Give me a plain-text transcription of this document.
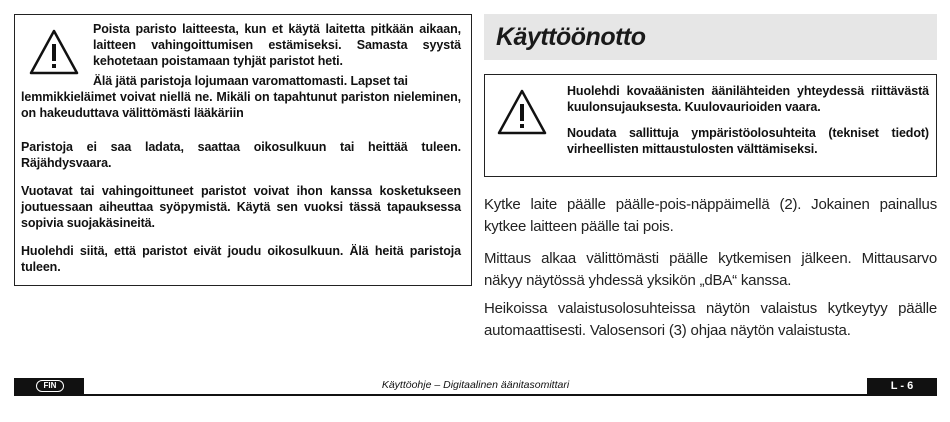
Poista paristo laitteesta, kun et käytä laitetta pitkään aikaan, laitteen vahingoittumisen estämiseksi. Samasta syystä kehotetaan poistamaan tyhjät paristot heti.

Älä jätä paristoja lojumaan varomattomasti. Lapset tai

lemmikkieläimet voivat niellä ne. Mikäli on tapahtunut pariston nieleminen, on hakeuduttava välittömästi lääkäriin

Paristoja ei saa ladata, saattaa oikosulkuun tai heittää tuleen. Räjähdysvaara.

Vuotavat tai vahingoittuneet paristot voivat ihon kanssa kosketukseen joutuessaan aiheuttaa syöpymistä. Käytä sen vuoksi tässä tapauksessa sopivia suojakäsineitä.

Huolehdi siitä, että paristot eivät joudu oikosulkuun. Älä heitä paristoja tuleen.

Käyttöönotto

Huolehdi kovaäänisten äänilähteiden yhteydessä riittävästä kuulonsujauksesta. Kuulovaurioiden vaara.

Noudata sallittuja ympäristöolosuhteita (tekniset tiedot) virheellisten mittaustulosten välttämiseksi.

Kytke laite päälle päälle-pois-näppäimellä (2). Jokainen painallus kytkee laitteen päälle tai pois.

Mittaus alkaa välittömästi päälle kytkemisen jälkeen. Mittausarvo näkyy näytössä yhdessä yksikön „dBA“ kanssa.

Heikoissa valaistusolosuhteissa näytön valaistus kytkeytyy päälle automaattisesti. Valosensori (3) ohjaa näytön valaistusta.

FIN	Käyttöohje – Digitaalinen äänitasomittari	L - 6
